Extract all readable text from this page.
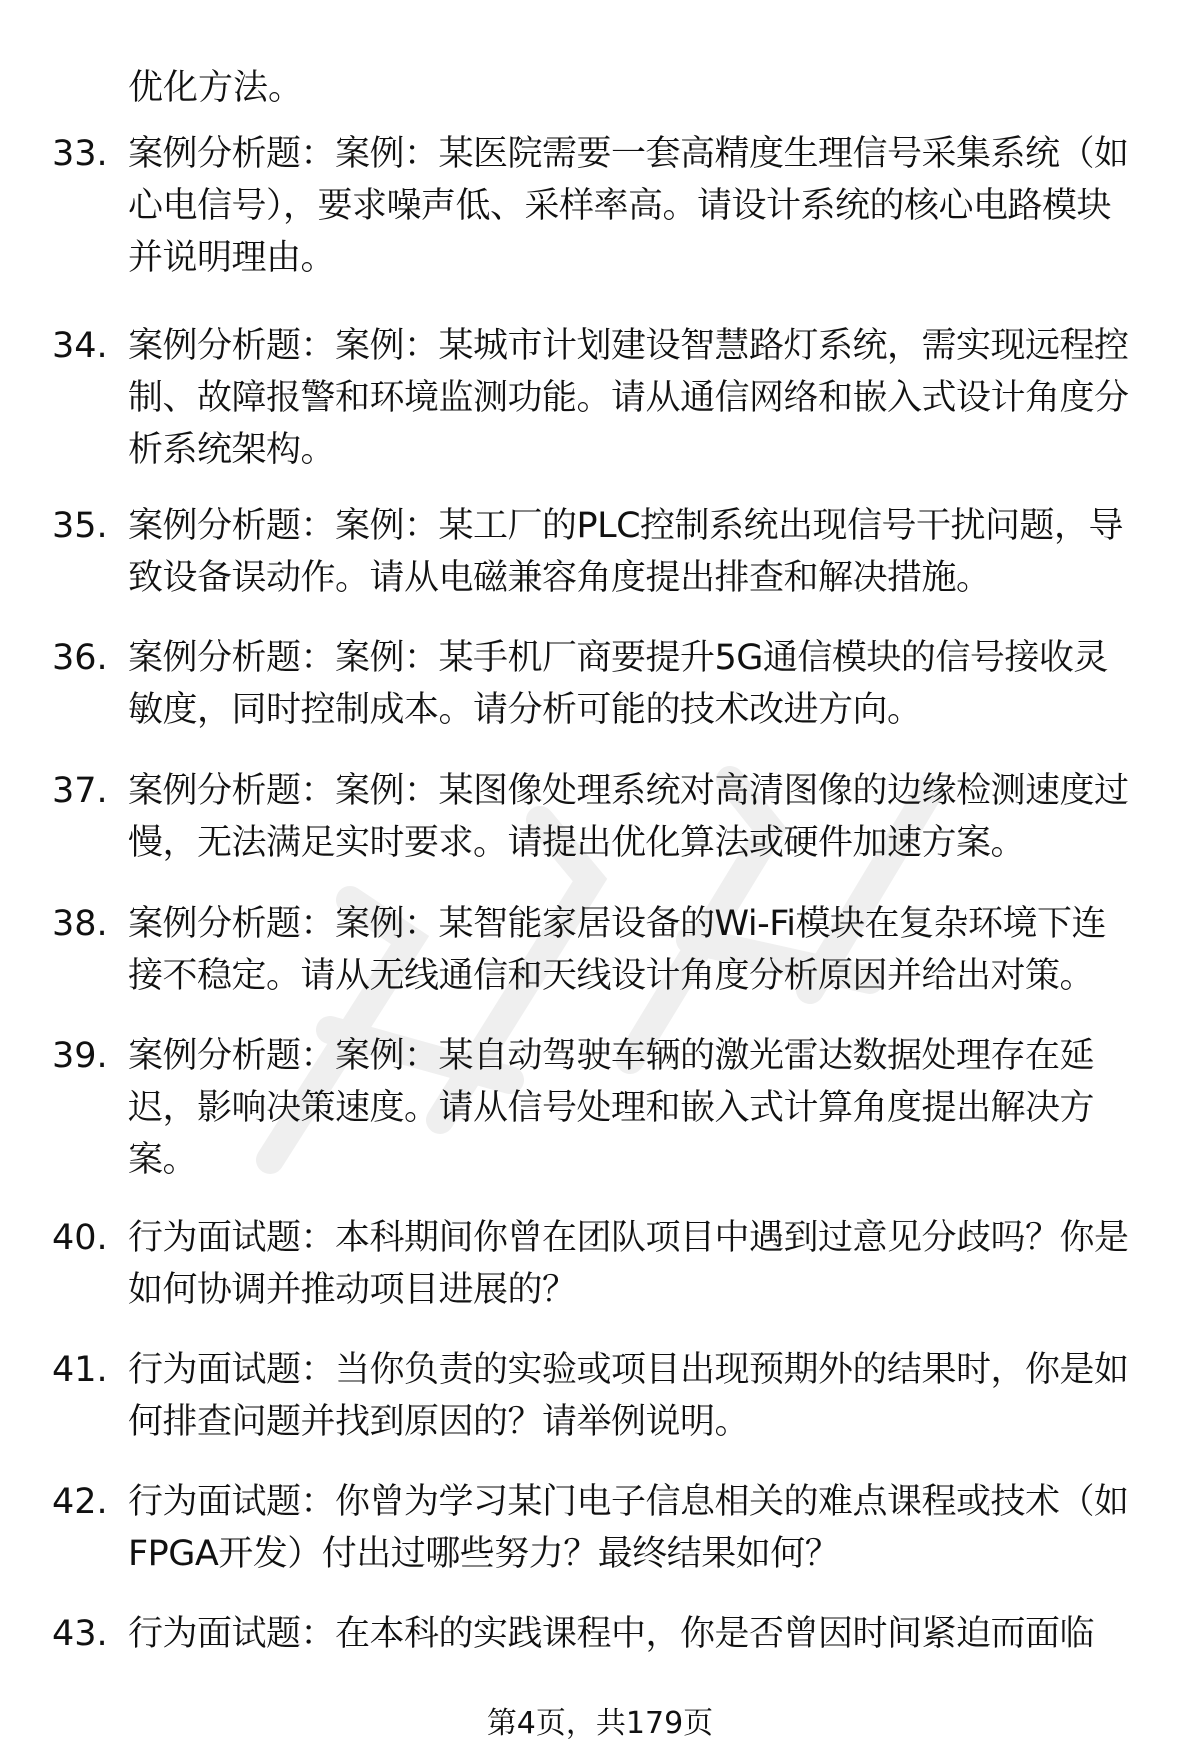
优化方法。
33. 案例分析题：案例：某医院需要一套高精度生理信号采集系统（如心电信号），要求噪声低、采样率高。请设计系统的核心电路模块并说明理由。
34. 案例分析题：案例：某城市计划建设智慧路灯系统，需实现远程控制、故障报警和环境监测功能。请从通信网络和嵌入式设计角度分析系统架构。
35. 案例分析题：案例：某工厂的PLC控制系统出现信号干扰问题，导致设备误动作。请从电磁兼容角度提出排查和解决措施。
36. 案例分析题：案例：某手机厂商要提升5G通信模块的信号接收灵敏度，同时控制成本。请分析可能的技术改进方向。
37. 案例分析题：案例：某图像处理系统对高清图像的边缘检测速度过慢，无法满足实时要求。请提出优化算法或硬件加速方案。
38. 案例分析题：案例：某智能家居设备的Wi-Fi模块在复杂环境下连接不稳定。请从无线通信和天线设计角度分析原因并给出对策。
39. 案例分析题：案例：某自动驾驶车辆的激光雷达数据处理存在延迟，影响决策速度。请从信号处理和嵌入式计算角度提出解决方案。
40. 行为面试题：本科期间你曾在团队项目中遇到过意见分歧吗？你是如何协调并推动项目进展的？
41. 行为面试题：当你负责的实验或项目出现预期外的结果时，你是如何排查问题并找到原因的？请举例说明。
42. 行为面试题：你曾为学习某门电子信息相关的难点课程或技术（如FPGA开发）付出过哪些努力？最终结果如何？
43. 行为面试题：在本科的实践课程中，你是否曾因时间紧迫而面临
第4页，共179页
